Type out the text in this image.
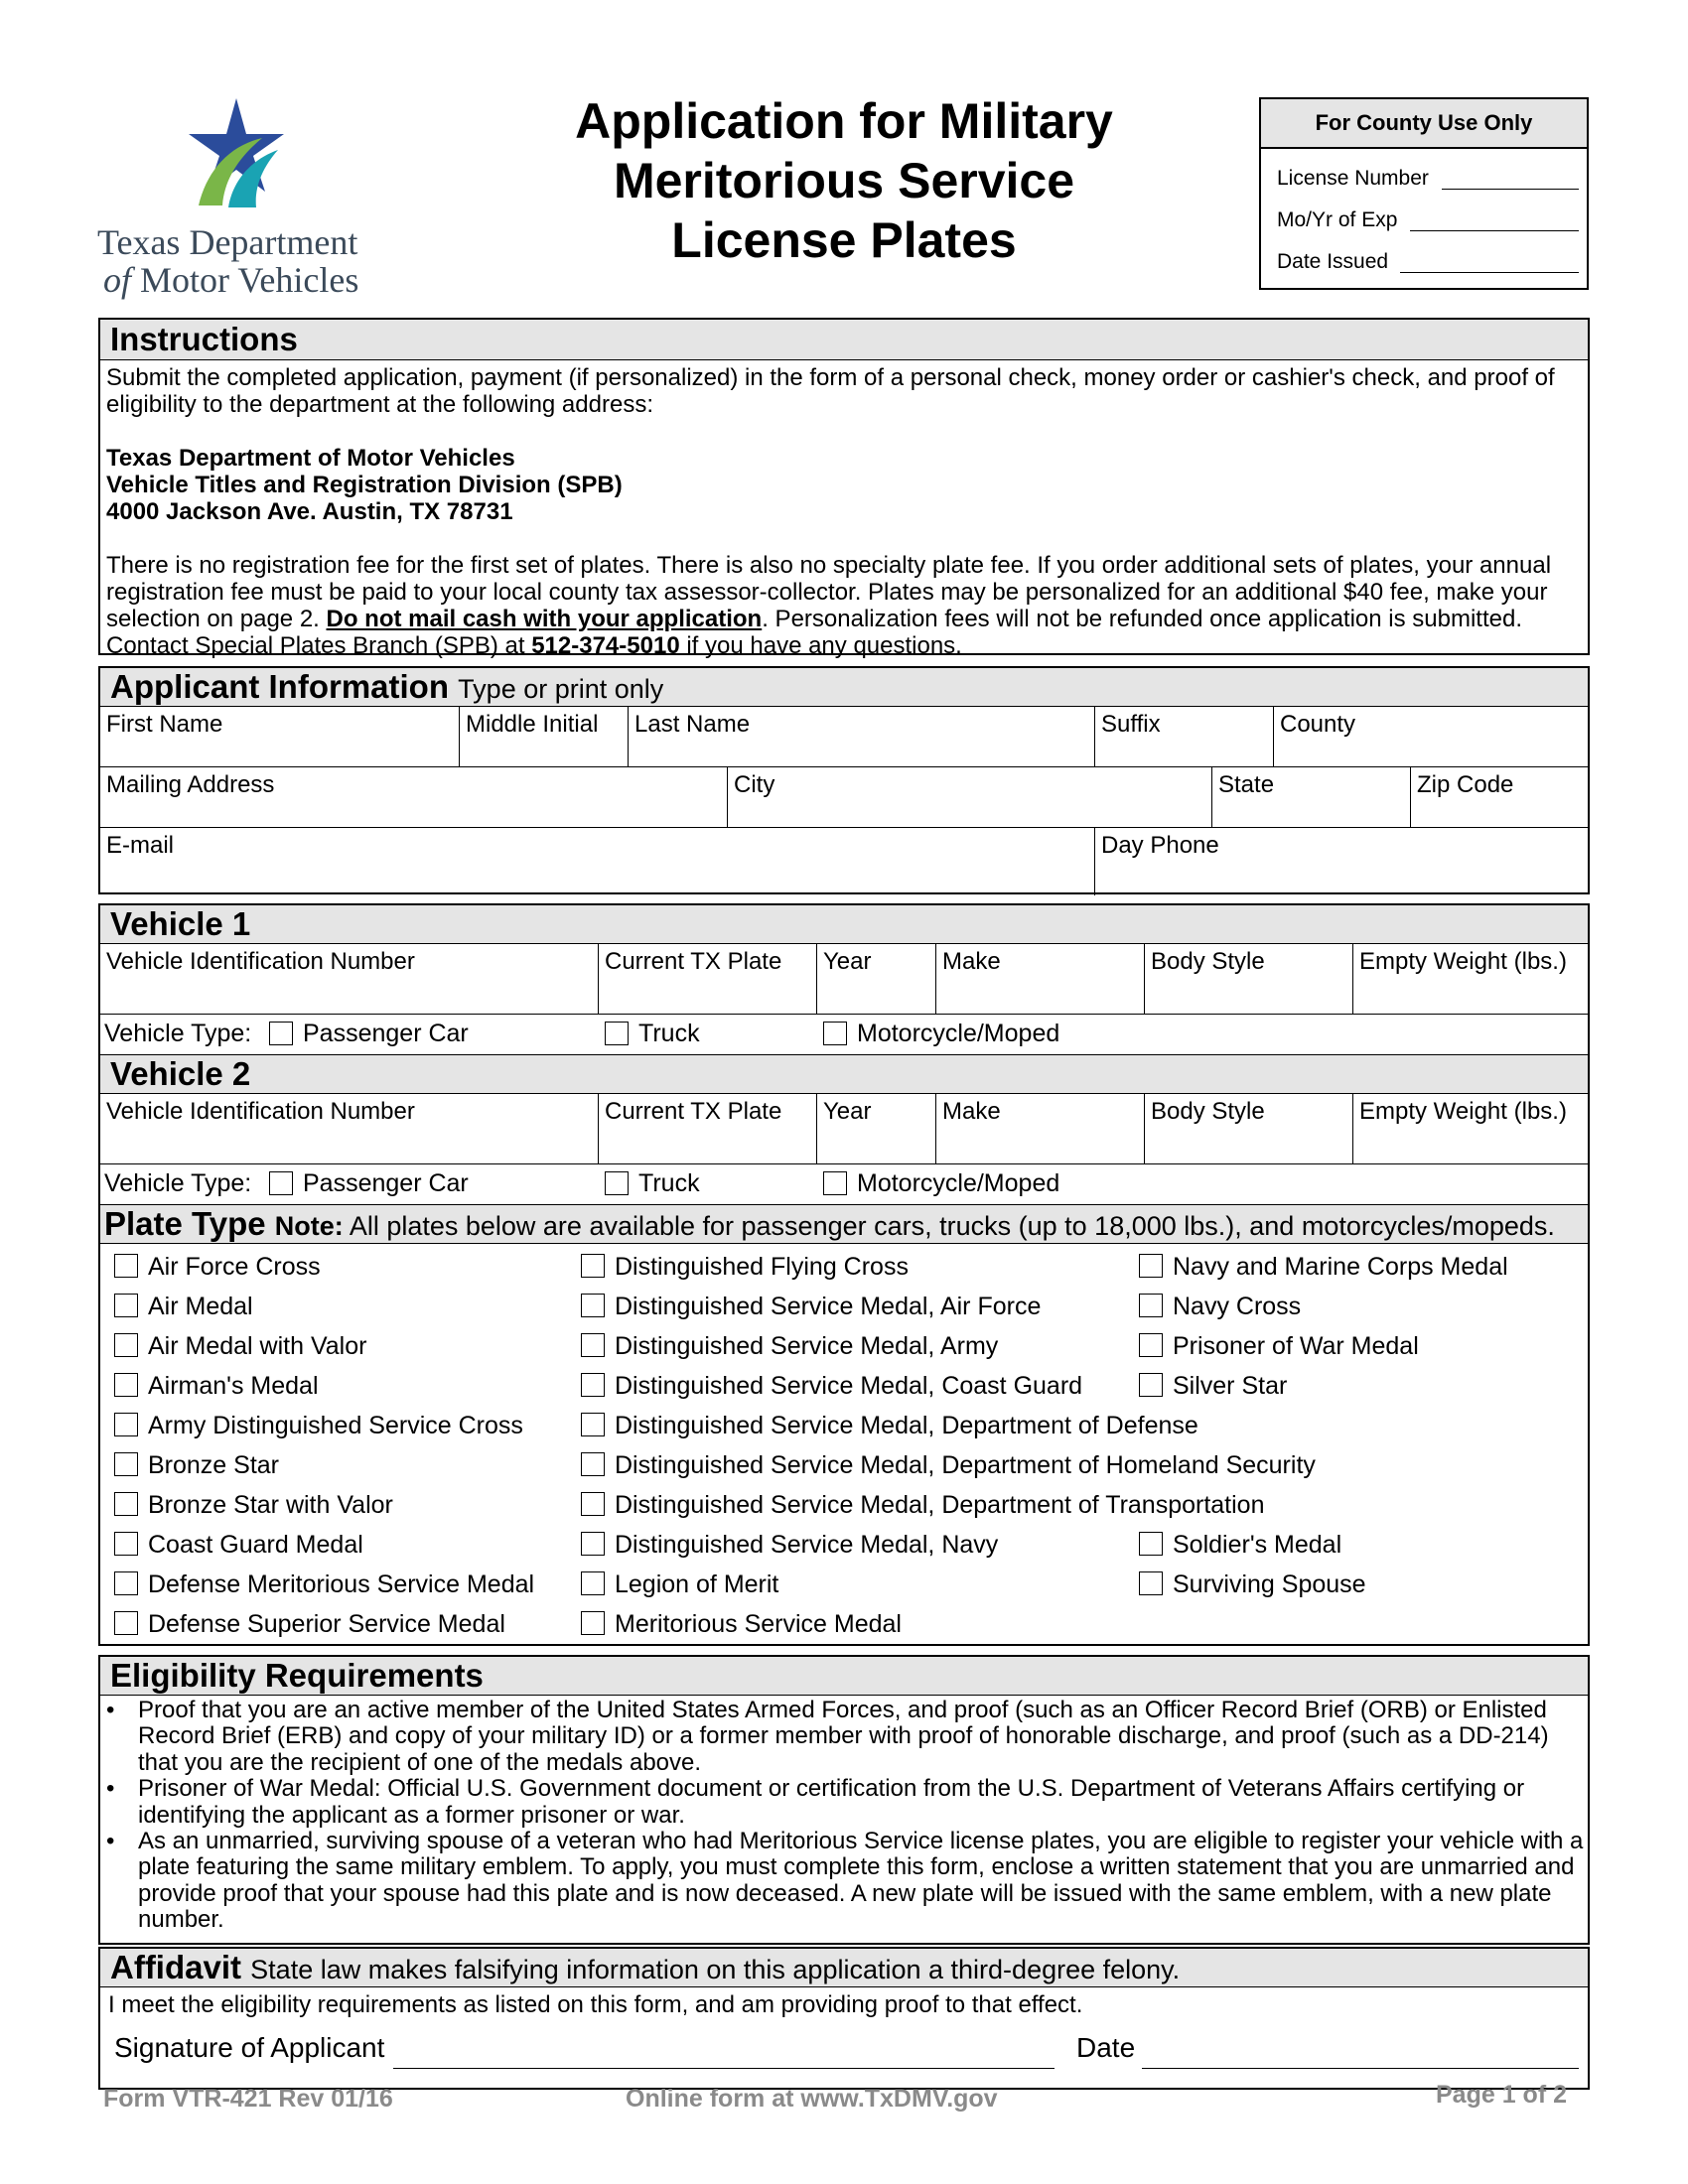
Texas Department
of Motor Vehicles
Application for Military
Meritorious Service
License Plates
For County Use Only
License Number
Mo/Yr of Exp
Date Issued
Instructions
Submit the completed application, payment (if personalized) in the form of a personal check, money order or cashier's check, and proof of eligibility to the department at the following address:
Texas Department of Motor Vehicles
Vehicle Titles and Registration Division (SPB)
4000 Jackson Ave. Austin, TX 78731
There is no registration fee for the first set of plates. There is also no specialty plate fee. If you order additional sets of plates, your annual registration fee must be paid to your local county tax assessor-collector. Plates may be personalized for an additional $40 fee, make your selection on page 2. Do not mail cash with your application. Personalization fees will not be refunded once application is submitted. Contact Special Plates Branch (SPB) at 512-374-5010 if you have any questions.
Applicant Information Type or print only
First Name	Middle Initial	Last Name	Suffix	County
Mailing Address	City	State	Zip Code
E-mail	Day Phone
Vehicle 1
Vehicle Identification Number	Current TX Plate	Year	Make	Body Style	Empty Weight (lbs.)
Vehicle Type:	Passenger Car	Truck	Motorcycle/Moped
Vehicle 2
Vehicle Identification Number	Current TX Plate	Year	Make	Body Style	Empty Weight (lbs.)
Vehicle Type:	Passenger Car	Truck	Motorcycle/Moped
Plate Type Note: All plates below are available for passenger cars, trucks (up to 18,000 lbs.), and motorcycles/mopeds.
Air Force Cross
Air Medal
Air Medal with Valor
Airman's Medal
Army Distinguished Service Cross
Bronze Star
Bronze Star with Valor
Coast Guard Medal
Defense Meritorious Service Medal
Defense Superior Service Medal
Distinguished Flying Cross
Distinguished Service Medal, Air Force
Distinguished Service Medal, Army
Distinguished Service Medal, Coast Guard
Distinguished Service Medal, Department of Defense
Distinguished Service Medal, Department of Homeland Security
Distinguished Service Medal, Department of Transportation
Distinguished Service Medal, Navy
Legion of Merit
Meritorious Service Medal
Navy and Marine Corps Medal
Navy Cross
Prisoner of War Medal
Silver Star
Soldier's Medal
Surviving Spouse
Eligibility Requirements
• Proof that you are an active member of the United States Armed Forces, and proof (such as an Officer Record Brief (ORB) or Enlisted Record Brief (ERB) and copy of your military ID) or a former member with proof of honorable discharge, and proof (such as a DD-214) that you are the recipient of one of the medals above.
• Prisoner of War Medal: Official U.S. Government document or certification from the U.S. Department of Veterans Affairs certifying or identifying the applicant as a former prisoner or war.
• As an unmarried, surviving spouse of a veteran who had Meritorious Service license plates, you are eligible to register your vehicle with a plate featuring the same military emblem. To apply, you must complete this form, enclose a written statement that you are unmarried and provide proof that your spouse had this plate and is now deceased. A new plate will be issued with the same emblem, with a new plate number.
Affidavit State law makes falsifying information on this application a third-degree felony.
I meet the eligibility requirements as listed on this form, and am providing proof to that effect.
Signature of Applicant	Date
Form VTR-421 Rev 01/16	Online form at www.TxDMV.gov	Page 1 of 2
